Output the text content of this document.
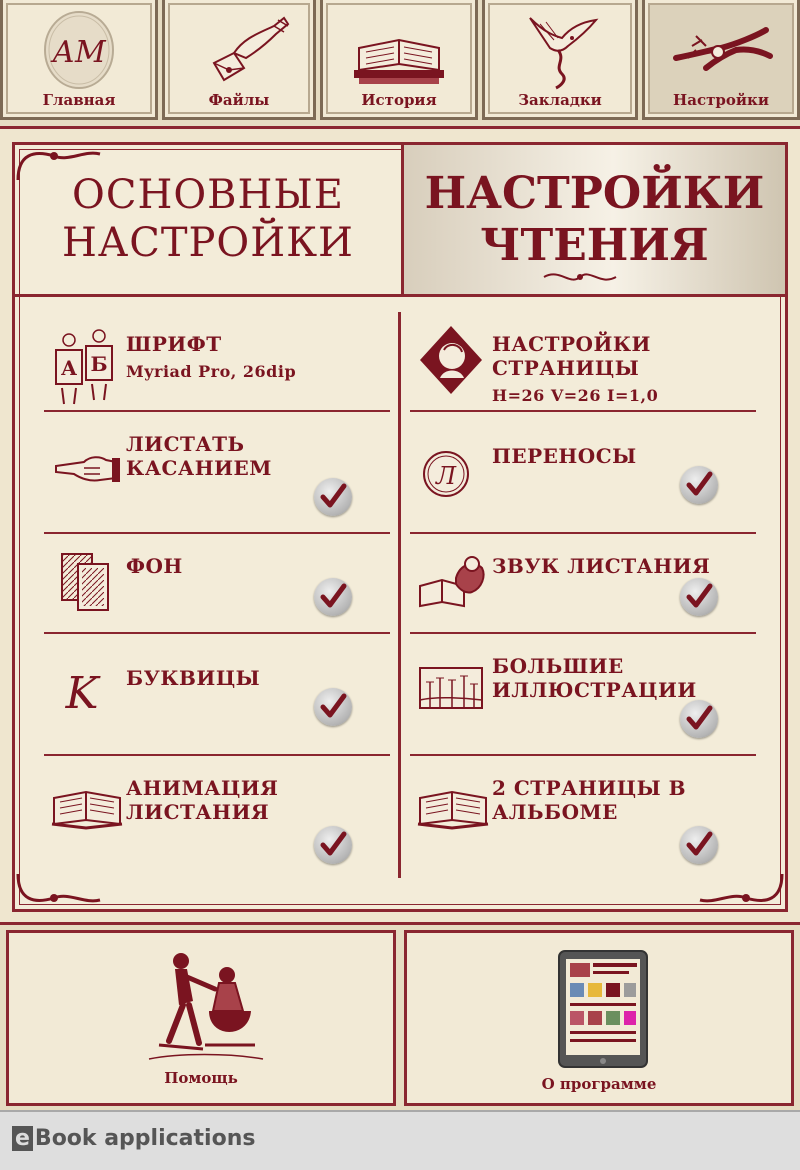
АМ
Главная	Файлы	История	Закладки	Настройки
ОСНОВНЫЕ НАСТРОЙКИ
НАСТРОЙКИ ЧТЕНИЯ
А Б
ШРИФТ
Myriad Pro, 26dip
ЛИСТАТЬ КАСАНИЕМ
ФОН
K БУКВИЦЫ
АНИМАЦИЯ ЛИСТАНИЯ
НАСТРОЙКИ СТРАНИЦЫ
H=26 V=26 I=1,0
Л
ПЕРЕНОСЫ
ЗВУК ЛИСТАНИЯ
БОЛЬШИЕ ИЛЛЮСТРАЦИИ
2 СТРАНИЦЫ В АЛЬБОМЕ
Помощь	О программе
e Book applications
